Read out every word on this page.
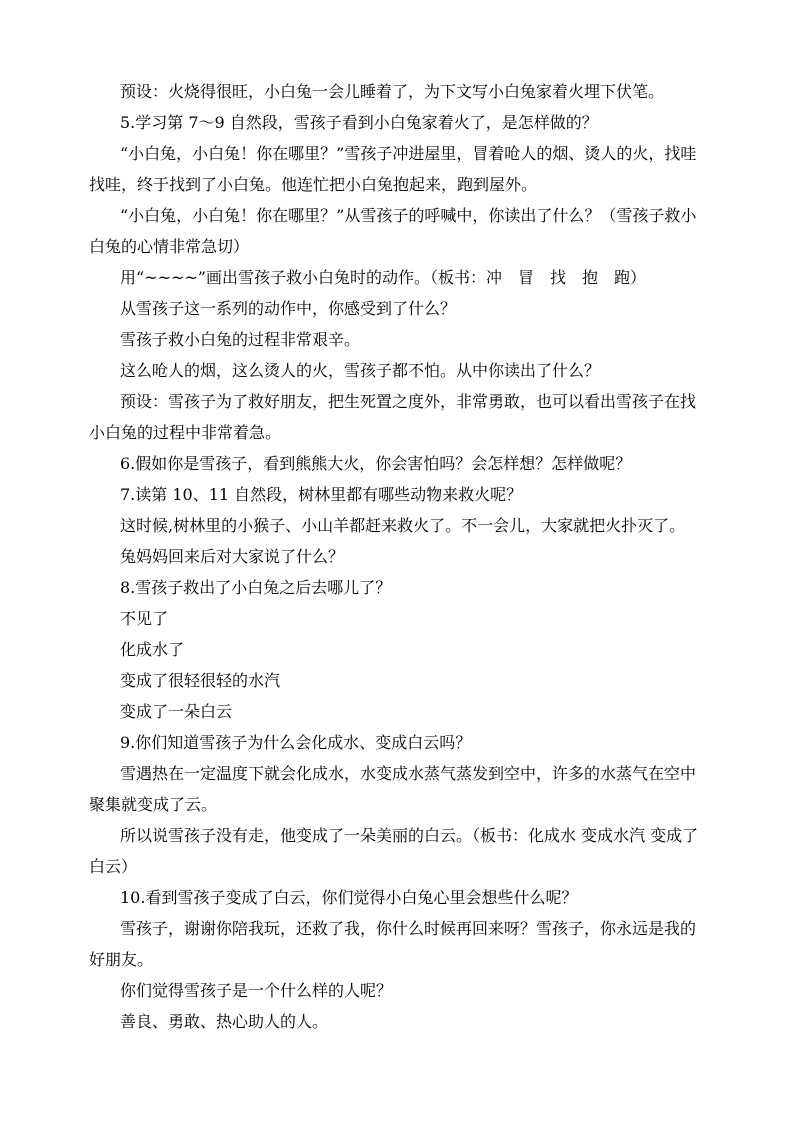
预设：火烧得很旺，小白兔一会儿睡着了，为下文写小白兔家着火埋下伏笔。

5.学习第 7～9 自然段，雪孩子看到小白兔家着火了，是怎样做的？

“小白兔，小白兔！你在哪里？”雪孩子冲进屋里，冒着呛人的烟、烫人的火，找哇找哇，终于找到了小白兔。他连忙把小白兔抱起来，跑到屋外。

“小白兔，小白兔！你在哪里？”从雪孩子的呼喊中，你读出了什么？（雪孩子救小白兔的心情非常急切）

用“~~~~”画出雪孩子救小白兔时的动作。（板书：冲　冒　找　抱　跑）

从雪孩子这一系列的动作中，你感受到了什么？

雪孩子救小白兔的过程非常艰辛。

这么呛人的烟，这么烫人的火，雪孩子都不怕。从中你读出了什么？

预设：雪孩子为了救好朋友，把生死置之度外，非常勇敢，也可以看出雪孩子在找小白兔的过程中非常着急。

6.假如你是雪孩子，看到熊熊大火，你会害怕吗？会怎样想？怎样做呢？

7.读第 10、11 自然段，树林里都有哪些动物来救火呢？

这时候,树林里的小猴子、小山羊都赶来救火了。不一会儿，大家就把火扑灭了。

兔妈妈回来后对大家说了什么？

8.雪孩子救出了小白兔之后去哪儿了？

不见了

化成水了

变成了很轻很轻的水汽

变成了一朵白云

9.你们知道雪孩子为什么会化成水、变成白云吗？

雪遇热在一定温度下就会化成水，水变成水蒸气蒸发到空中，许多的水蒸气在空中聚集就变成了云。

所以说雪孩子没有走，他变成了一朵美丽的白云。（板书：化成水 变成水汽 变成了白云）

10.看到雪孩子变成了白云，你们觉得小白兔心里会想些什么呢？

雪孩子，谢谢你陪我玩，还救了我，你什么时候再回来呀？雪孩子，你永远是我的好朋友。

你们觉得雪孩子是一个什么样的人呢？

善良、勇敢、热心助人的人。
